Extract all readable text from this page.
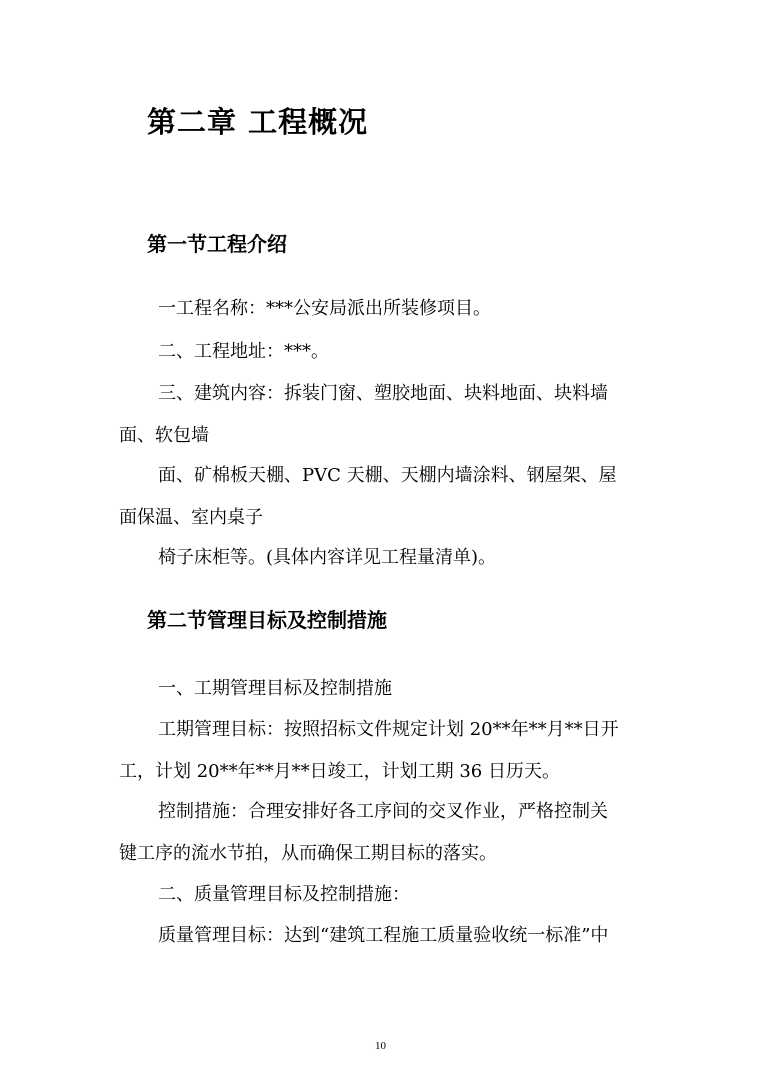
第二章 工程概况
第一节工程介绍

一工程名称：***公安局派出所装修项目。

二、工程地址：***。

三、建筑内容：拆装门窗、塑胶地面、块料地面、块料墙

面、软包墙

面、矿棉板天棚、PVC 天棚、天棚内墙涂料、钢屋架、屋

面保温、室内桌子

椅子床柜等。(具体内容详见工程量清单)。

第二节管理目标及控制措施

一、工期管理目标及控制措施

工期管理目标：按照招标文件规定计划 20**年**月**日开

工，计划 20**年**月**日竣工，计划工期 36 日历天。

控制措施：合理安排好各工序间的交叉作业，严格控制关

键工序的流水节拍，从而确保工期目标的落实。

二、质量管理目标及控制措施：

质量管理目标：达到“建筑工程施工质量验收统一标准”中

10
